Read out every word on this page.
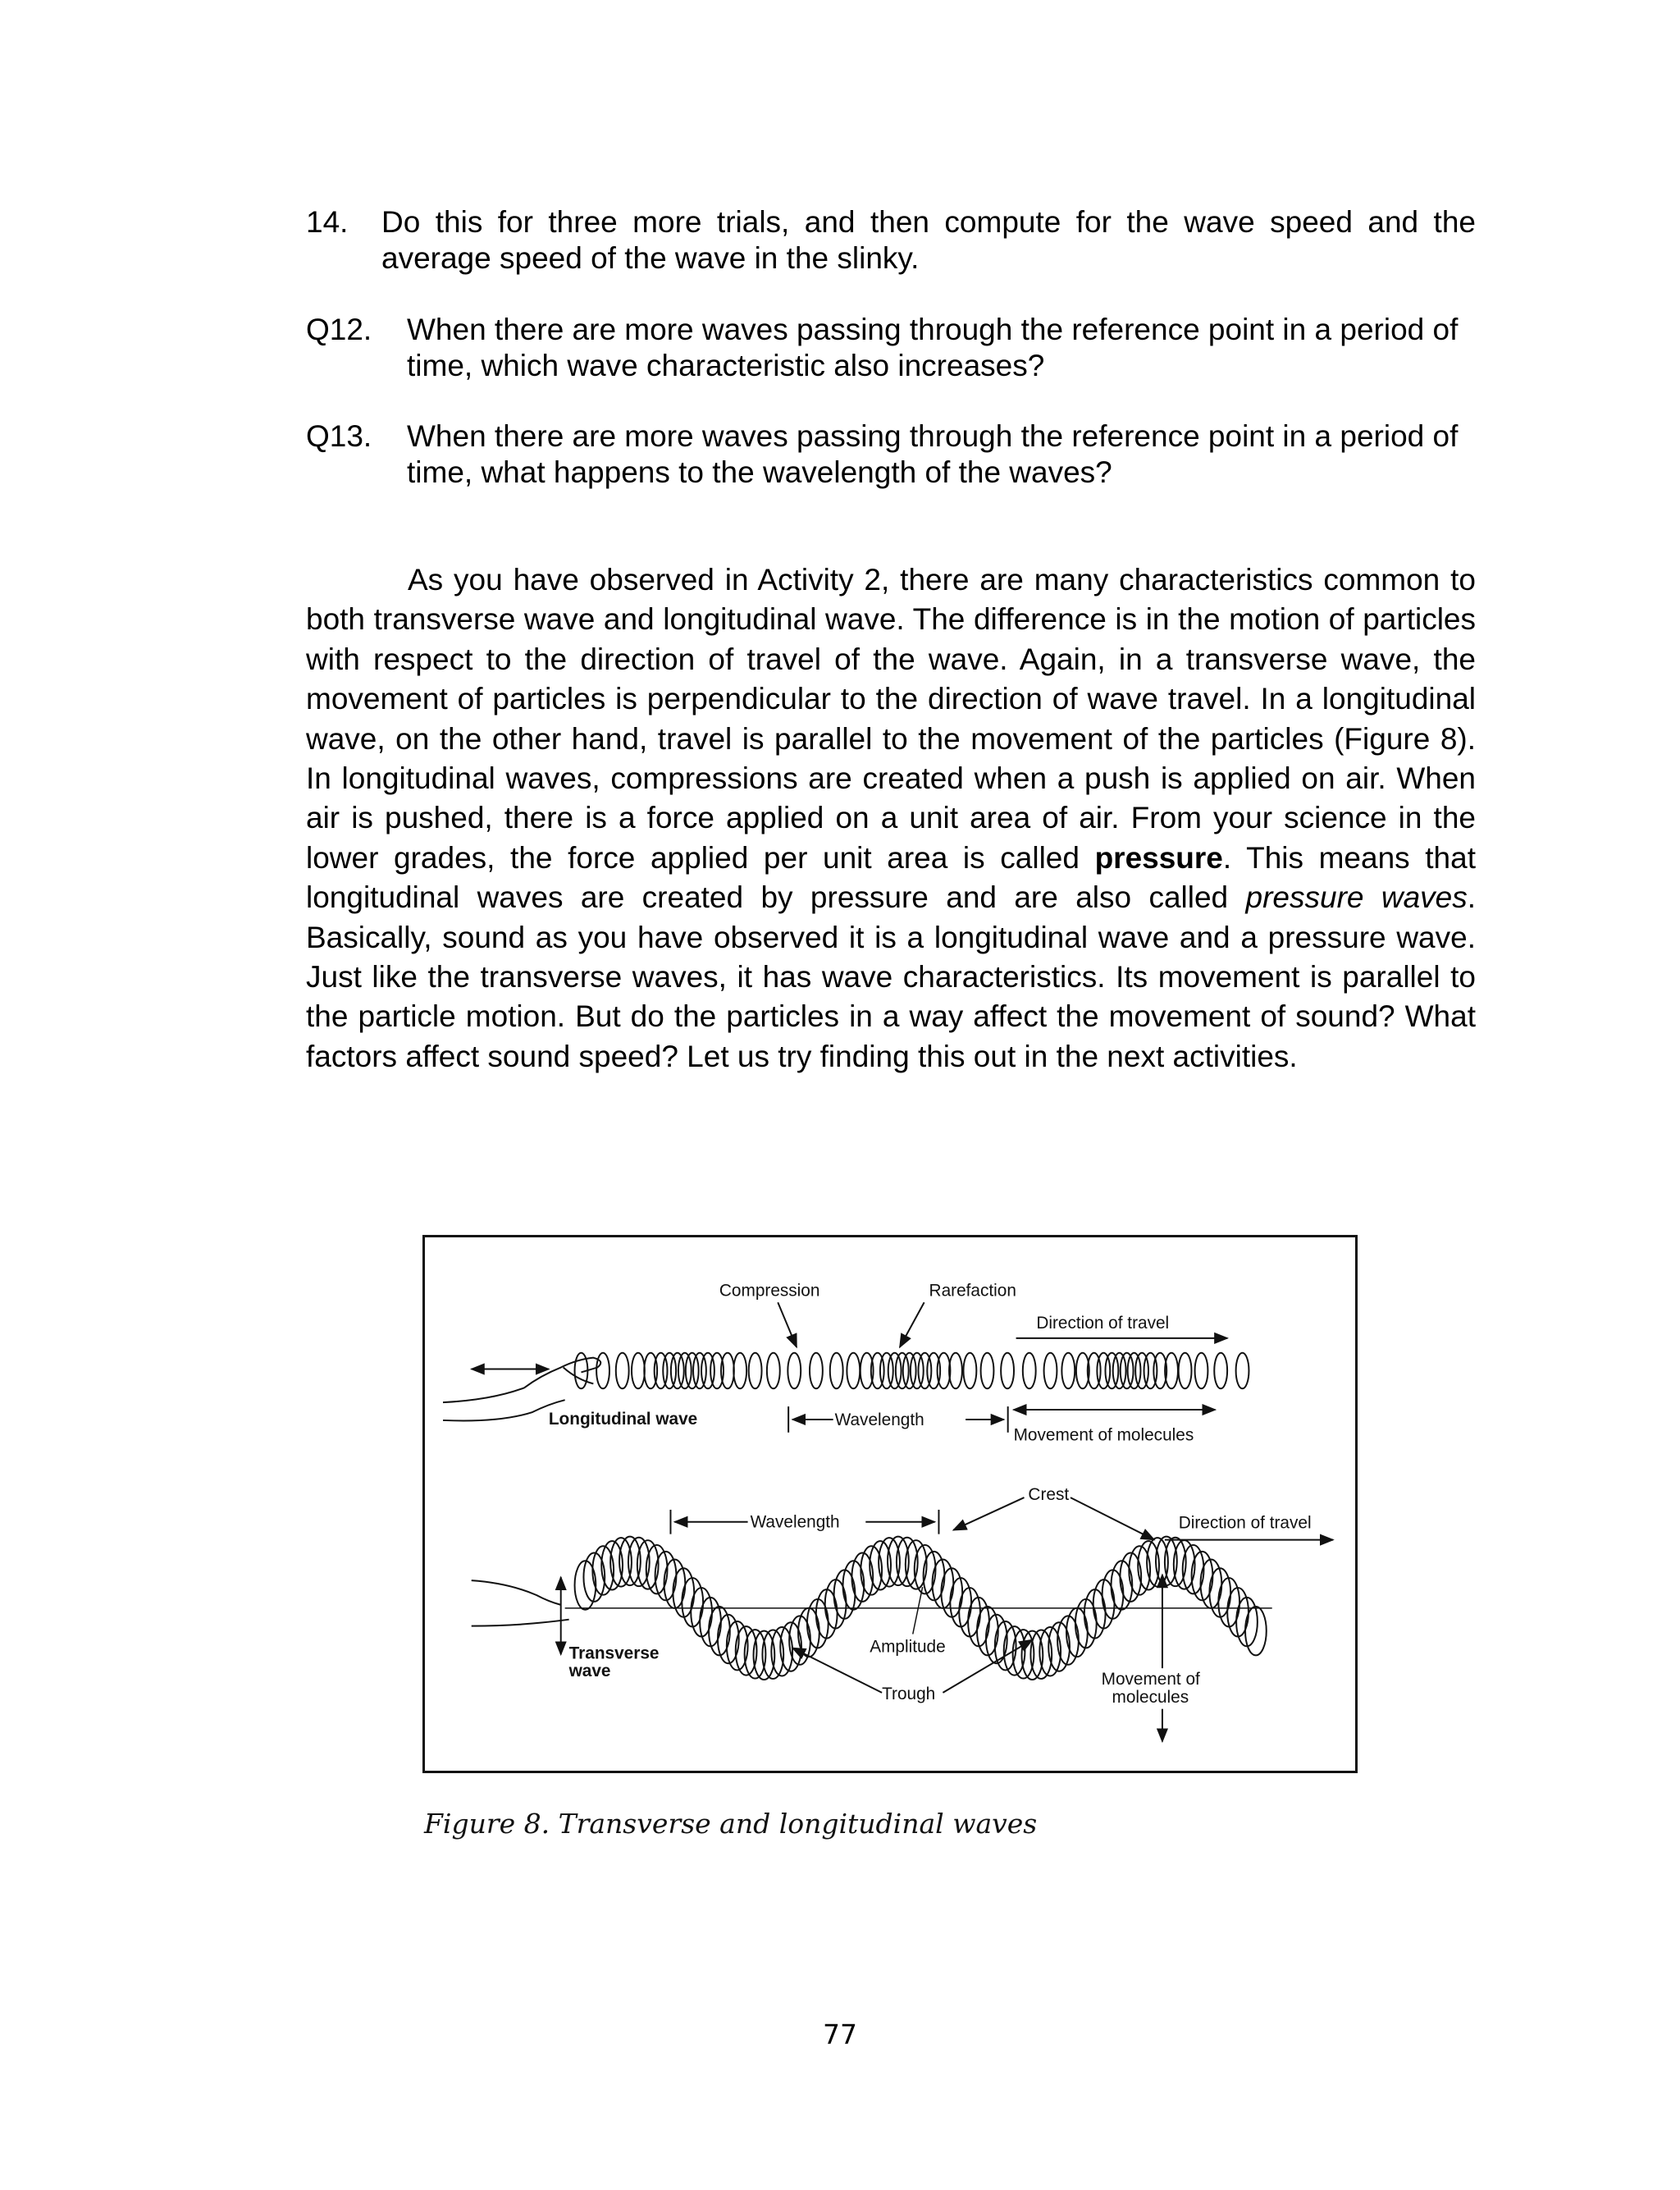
14. Do this for three more trials, and then compute for the wave speed and the average speed of the wave in the slinky.
Q12. When there are more waves passing through the reference point in a period of time, which wave characteristic also increases?
Q13. When there are more waves passing through the reference point in a period of time, what happens to the wavelength of the waves?
As you have observed in Activity 2, there are many characteristics common to both transverse wave and longitudinal wave. The difference is in the motion of particles with respect to the direction of travel of the wave. Again, in a transverse wave, the movement of particles is perpendicular to the direction of wave travel. In a longitudinal wave, on the other hand, travel is parallel to the movement of the particles (Figure 8). In longitudinal waves, compressions are created when a push is applied on air. When air is pushed, there is a force applied on a unit area of air. From your science in the lower grades, the force applied per unit area is called pressure. This means that longitudinal waves are created by pressure and are also called pressure waves. Basically, sound as you have observed it is a longitudinal wave and a pressure wave. Just like the transverse waves, it has wave characteristics. Its movement is parallel to the particle motion. But do the particles in a way affect the movement of sound? What factors affect sound speed? Let us try finding this out in the next activities.
Compression	Rarefaction
Direction of travel
Longitudinal wave	Wavelength
Movement of molecules
Crest
Wavelength	Direction of travel
Amplitude
Transverse
wave
Trough
Movement of
molecules
Figure 8. Transverse and longitudinal waves
77
